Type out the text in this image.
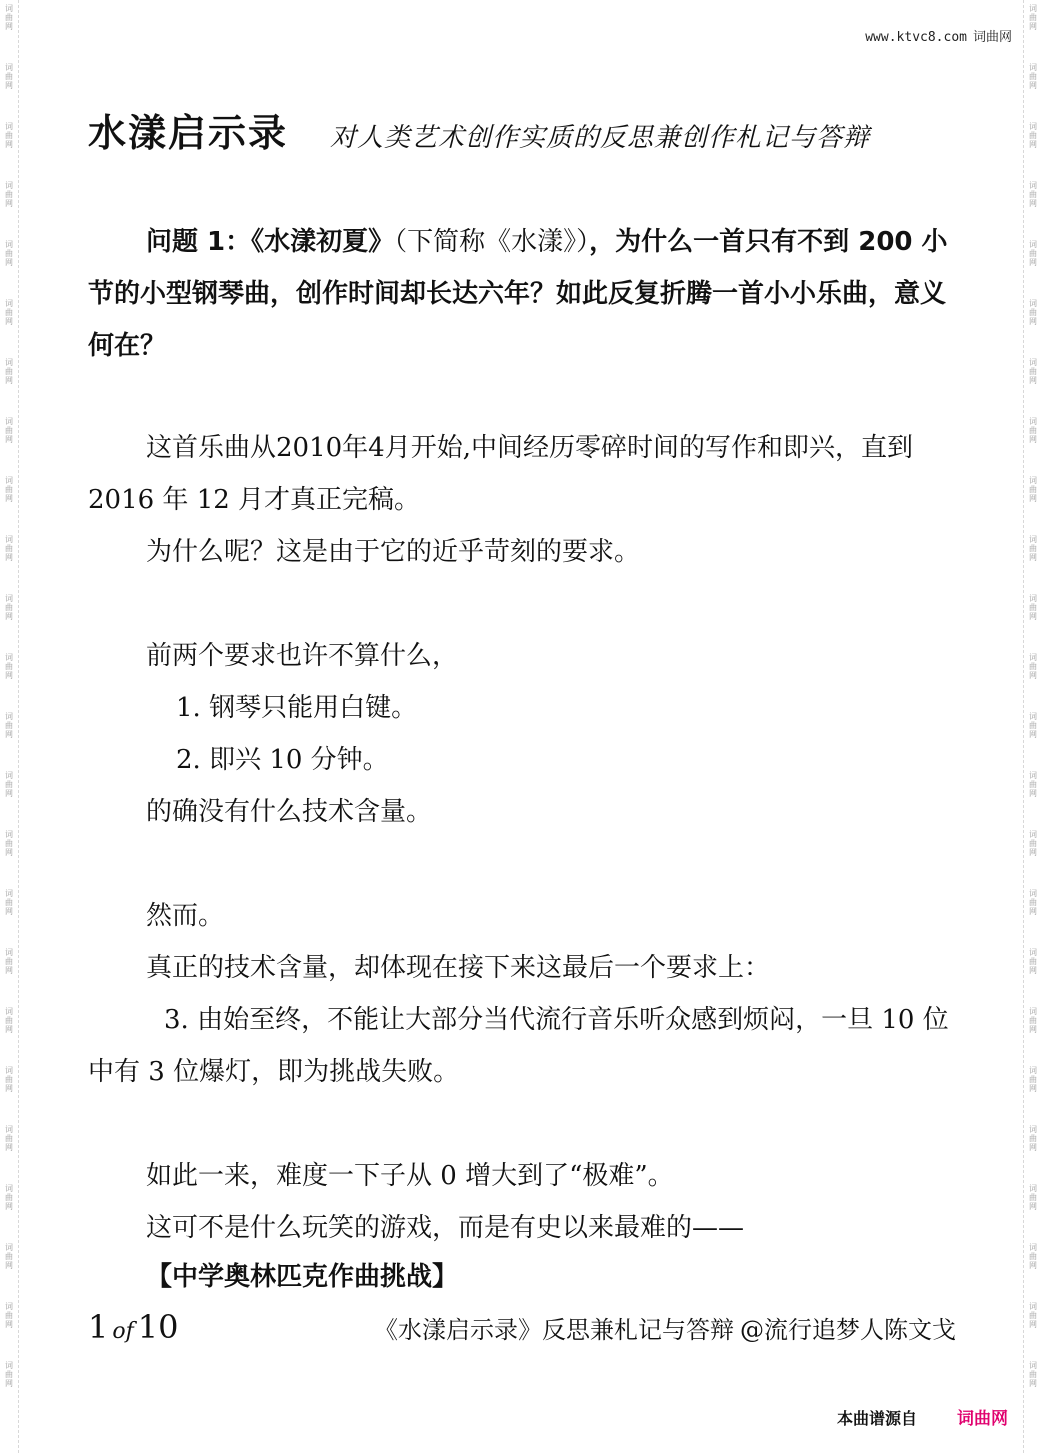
词曲网
词曲网
词曲网
词曲网
词曲网
词曲网
词曲网
词曲网
词曲网
词曲网
词曲网
词曲网
词曲网
词曲网
词曲网
词曲网
词曲网
词曲网
词曲网
词曲网
词曲网
词曲网
词曲网
词曲网
词曲网
词曲网
词曲网
词曲网
词曲网
词曲网
词曲网
词曲网
词曲网
词曲网
词曲网
词曲网
词曲网
词曲网
词曲网
词曲网
词曲网
词曲网
词曲网
词曲网
词曲网
词曲网
词曲网
词曲网
www.ktvc8.com 词曲网
水漾启示录 对人类艺术创作实质的反思兼创作札记与答辩

问题 1：《水漾初夏》（下简称《水漾》），为什么一首只有不到 200 小节的小型钢琴曲，创作时间却长达六年？如此反复折腾一首小小乐曲，意义何在？

这首乐曲从2010年4月开始,中间经历零碎时间的写作和即兴，直到 2016 年 12 月才真正完稿。

为什么呢？这是由于它的近乎苛刻的要求。

前两个要求也许不算什么，

1. 钢琴只能用白键。

2. 即兴 10 分钟。

的确没有什么技术含量。

然而。

真正的技术含量，却体现在接下来这最后一个要求上：

3. 由始至终，不能让大部分当代流行音乐听众感到烦闷，一旦 10 位中有 3 位爆灯，即为挑战失败。

如此一来，难度一下子从 0 增大到了“极难”。

这可不是什么玩笑的游戏，而是有史以来最难的——

【中学奥林匹克作曲挑战】

1 of 10	《水漾启示录》反思兼札记与答辩 @流行追梦人陈文戈
本曲谱源自 词曲网
